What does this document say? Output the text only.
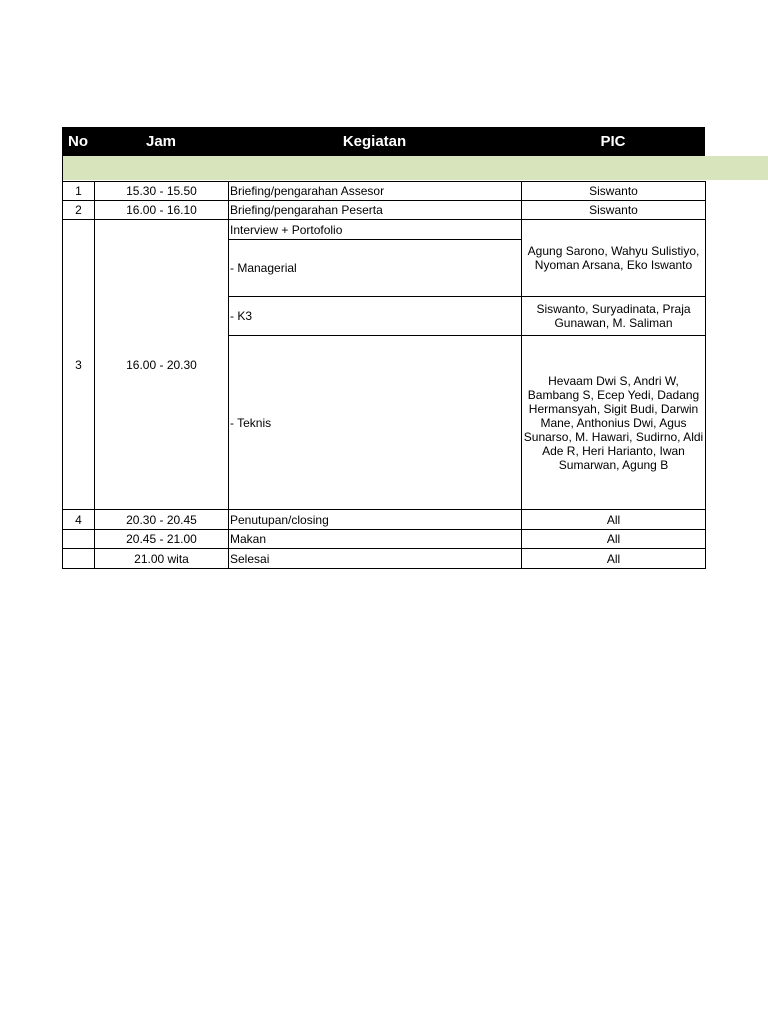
No	Jam	Kegiatan	PIC
1	15.30 - 15.50	Briefing/pengarahan Assesor	Siswanto
2	16.00 - 16.10	Briefing/pengarahan Peserta	Siswanto
3	16.00 - 20.30	Interview + Portofolio	Agung Sarono, Wahyu Sulistiyo, Nyoman Arsana, Eko Iswanto
		- Managerial	
		- K3	Siswanto, Suryadinata, Praja Gunawan, M. Saliman
		- Teknis	Hevaam Dwi S, Andri W, Bambang S, Ecep Yedi, Dadang Hermansyah, Sigit Budi, Darwin Mane, Anthonius Dwi, Agus Sunarso, M. Hawari, Sudirno, Aldi Ade R, Heri Harianto, Iwan Sumarwan, Agung B
4	20.30 - 20.45	Penutupan/closing	All
	20.45 - 21.00	Makan	All
	21.00 wita	Selesai	All
